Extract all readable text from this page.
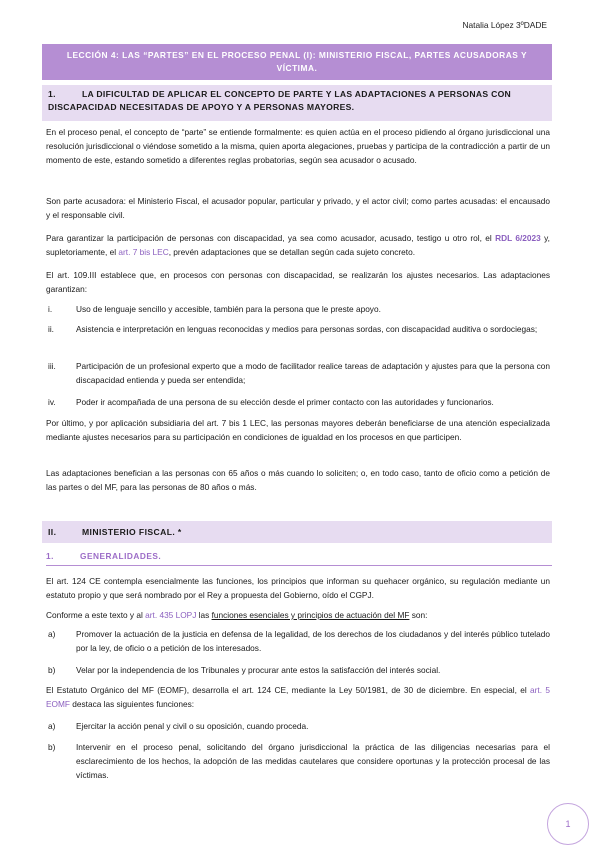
Natalia López 3ºDADE
LECCIÓN 4: LAS “PARTES” EN EL PROCESO PENAL (I): MINISTERIO FISCAL, PARTES ACUSADORAS Y VÍCTIMA.
1.	LA DIFICULTAD DE APLICAR EL CONCEPTO DE PARTE Y LAS ADAPTACIONES A PERSONAS CON DISCAPACIDAD NECESITADAS DE APOYO Y A PERSONAS MAYORES.

En el proceso penal, el concepto de “parte” se entiende formalmente: es quien actúa en el proceso pidiendo al órgano jurisdiccional una resolución jurisdiccional o viéndose sometido a la misma, quien aporta alegaciones, pruebas y participa de la contradicción a partir de un momento de este, estando sometido a diferentes reglas probatorias, según sea acusador o acusado.

Son parte acusadora: el Ministerio Fiscal, el acusador popular, particular y privado, y el actor civil; como partes acusadas: el encausado y el responsable civil.

Para garantizar la participación de personas con discapacidad, ya sea como acusador, acusado, testigo u otro rol, el RDL 6/2023 y, supletoriamente, el art. 7 bis LEC, prevén adaptaciones que se detallan según cada sujeto concreto.

El art. 109.III establece que, en procesos con personas con discapacidad, se realizarán los ajustes necesarios. Las adaptaciones garantizan:

i.	Uso de lenguaje sencillo y accesible, también para la persona que le preste apoyo.
ii.	Asistencia e interpretación en lenguas reconocidas y medios para personas sordas, con discapacidad auditiva o sordociegas;
iii. Participación de un profesional experto que a modo de facilitador realice tareas de adaptación y ajustes para que la persona con discapacidad entienda y pueda ser entendida;
iv. Poder ir acompañada de una persona de su elección desde el primer contacto con las autoridades y funcionarios.

Por último, y por aplicación subsidiaria del art. 7 bis 1 LEC, las personas mayores deberán beneficiarse de una atención especializada mediante ajustes necesarios para su participación en condiciones de igualdad en los procesos en que participen.

Las adaptaciones benefician a las personas con 65 años o más cuando lo soliciten; o, en todo caso, tanto de oficio como a petición de las partes o del MF, para las personas de 80 años o más.

II.	MINISTERIO FISCAL. *
1.	GENERALIDADES.

El art. 124 CE contempla esencialmente las funciones, los principios que informan su quehacer orgánico, su regulación mediante un estatuto propio y que será nombrado por el Rey a propuesta del Gobierno, oído el CGPJ.

Conforme a este texto y al art. 435 LOPJ las funciones esenciales y principios de actuación del MF son:

a) Promover la actuación de la justicia en defensa de la legalidad, de los derechos de los ciudadanos y del interés público tutelado por la ley, de oficio o a petición de los interesados.
b) Velar por la independencia de los Tribunales y procurar ante estos la satisfacción del interés social.

El Estatuto Orgánico del MF (EOMF), desarrolla el art. 124 CE, mediante la Ley 50/1981, de 30 de diciembre. En especial, el art. 5 EOMF destaca las siguientes funciones:

a) Ejercitar la acción penal y civil o su oposición, cuando proceda.
b) Intervenir en el proceso penal, solicitando del órgano jurisdiccional la práctica de las diligencias necesarias para el esclarecimiento de los hechos, la adopción de las medidas cautelares que considere oportunas y la protección procesal de las víctimas.
1
